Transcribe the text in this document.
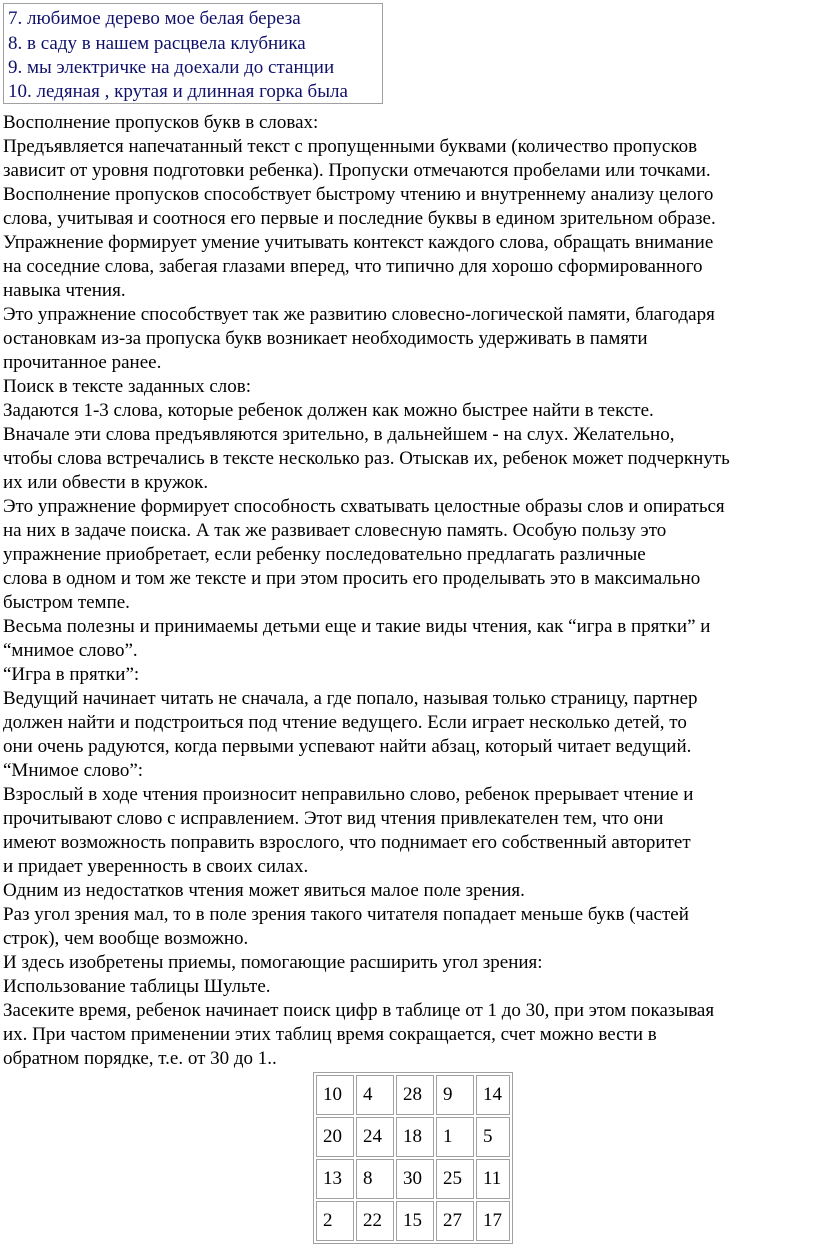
7. любимое дерево мое белая береза
8. в саду в нашем расцвела клубника
9. мы электричке на доехали до станции
10. ледяная , крутая и длинная горка была
Восполнение пропусков букв в словах:
Предъявляется напечатанный текст с пропущенными буквами (количество пропусков
зависит от уровня подготовки ребенка). Пропуски отмечаются пробелами или точками.
Восполнение пропусков способствует быстрому чтению и внутреннему анализу целого
слова, учитывая и соотнося его первые и последние буквы в едином зрительном образе.
Упражнение формирует умение учитывать контекст каждого слова, обращать внимание
на соседние слова, забегая глазами вперед, что типично для хорошо сформированного
навыка чтения.
Это упражнение способствует так же развитию словесно-логической памяти, благодаря
остановкам из-за пропуска букв возникает необходимость удерживать в памяти
прочитанное ранее.
Поиск в тексте заданных слов:
Задаются 1-3 слова, которые ребенок должен как можно быстрее найти в тексте.
Вначале эти слова предъявляются зрительно, в дальнейшем - на слух. Желательно,
чтобы слова встречались в тексте несколько раз. Отыскав их, ребенок может подчеркнуть
их или обвести в кружок.
Это упражнение формирует способность схватывать целостные образы слов и опираться
на них в задаче поиска. А так же развивает словесную память. Особую пользу это
упражнение приобретает, если ребенку последовательно предлагать различные
слова в одном и том же тексте и при этом просить его проделывать это в максимально
быстром темпе.
Весьма полезны и принимаемы детьми еще и такие виды чтения, как “игра в прятки” и
“мнимое слово”.
“Игра в прятки”:
Ведущий начинает читать не сначала, а где попало, называя только страницу, партнер
должен найти и подстроиться под чтение ведущего. Если играет несколько детей, то
они очень радуются, когда первыми успевают найти абзац, который читает ведущий.
“Мнимое слово”:
Взрослый в ходе чтения произносит неправильно слово, ребенок прерывает чтение и
прочитывают слово с исправлением. Этот вид чтения привлекателен тем, что они
имеют возможность поправить взрослого, что поднимает его собственный авторитет
и придает уверенность в своих силах.
Одним из недостатков чтения может явиться малое поле зрения.
Раз угол зрения мал, то в поле зрения такого читателя попадает меньше букв (частей
строк), чем вообще возможно.
И здесь изобретены приемы, помогающие расширить угол зрения:
Использование таблицы Шульте.
Засеките время, ребенок начинает поиск цифр в таблице от 1 до 30, при этом показывая
их. При частом применении этих таблиц время сокращается, счет можно вести в
обратном порядке, т.е. от 30 до 1..
10	4	28	9	14
20	24	18	1	5
13	8	30	25	11
2	22	15	27	17
